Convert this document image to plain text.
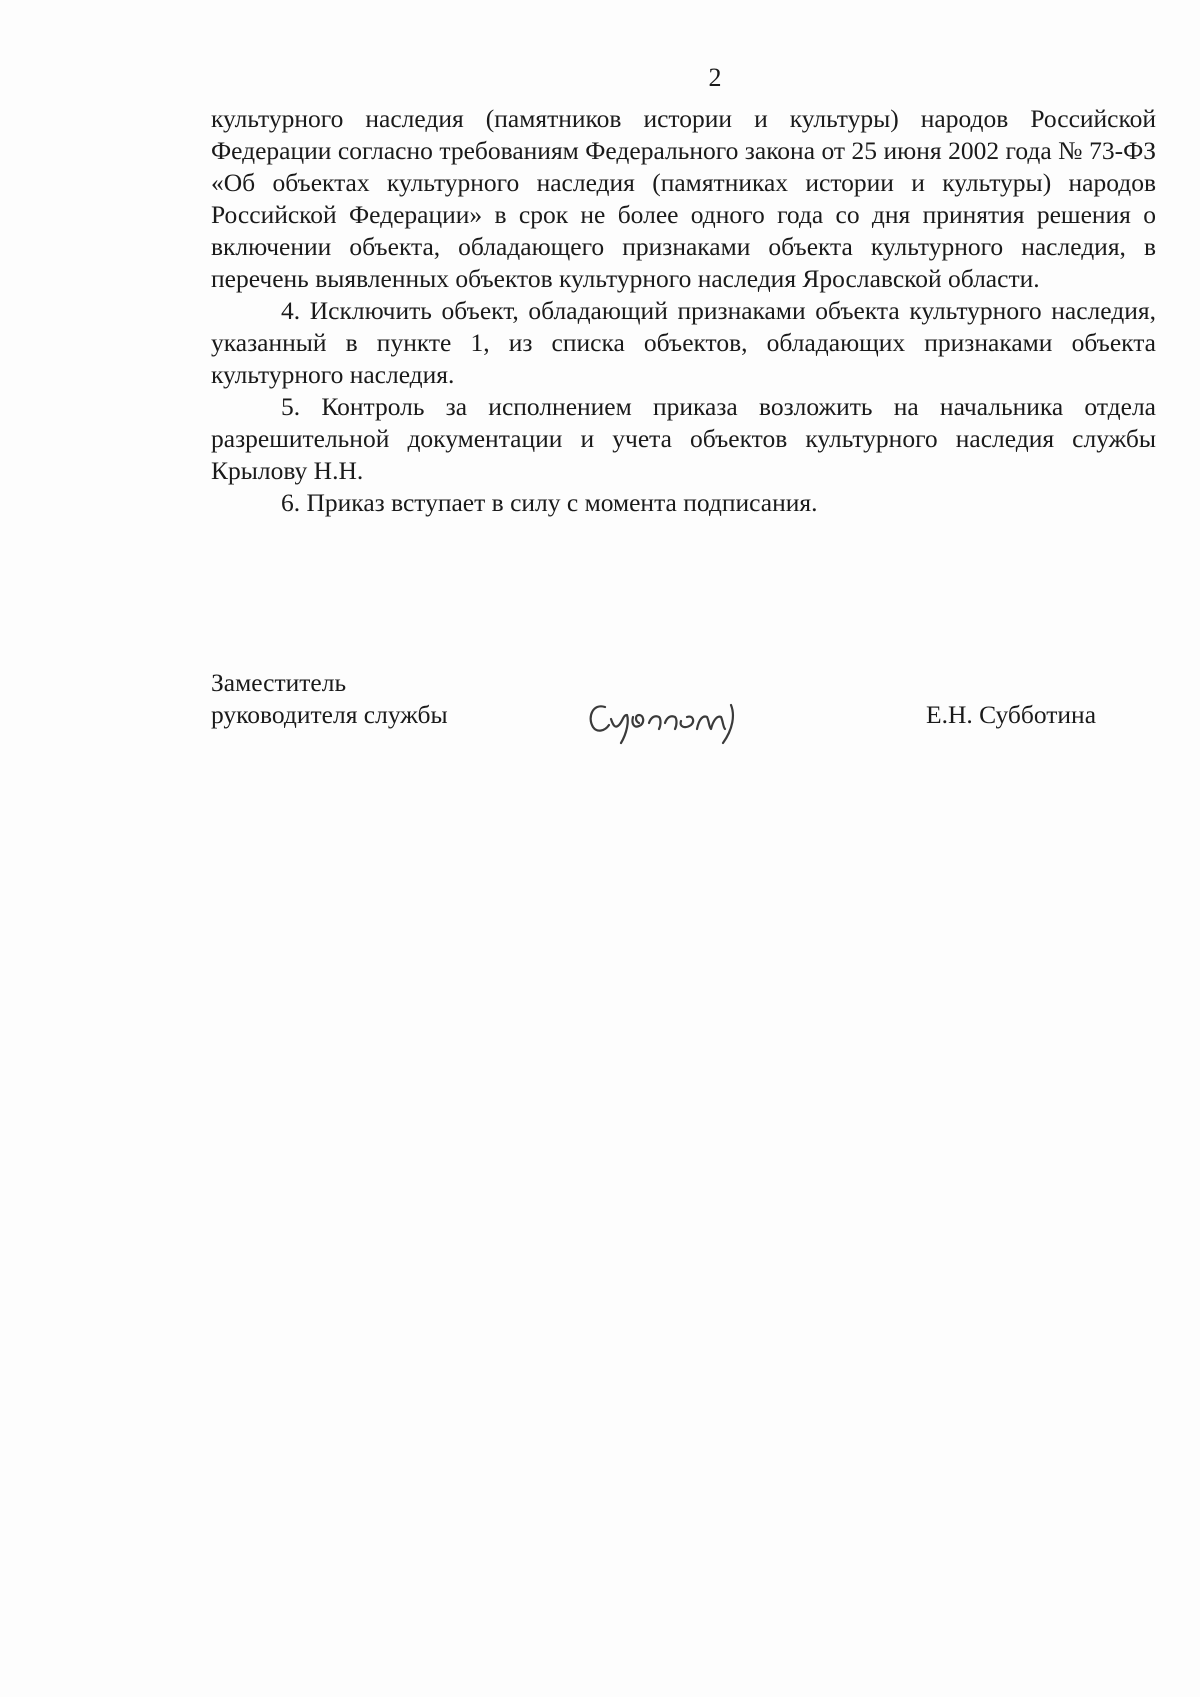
2

культурного наследия (памятников истории и культуры) народов Российской Федерации согласно требованиям Федерального закона от 25 июня 2002 года № 73-ФЗ «Об объектах культурного наследия (памятниках истории и культуры) народов Российской Федерации» в срок не более одного года со дня принятия решения о включении объекта, обладающего признаками объекта культурного наследия, в перечень выявленных объектов культурного наследия Ярославской области.

4. Исключить объект, обладающий признаками объекта культурного наследия, указанный в пункте 1, из списка объектов, обладающих признаками объекта культурного наследия.

5. Контроль за исполнением приказа возложить на начальника отдела разрешительной документации и учета объектов культурного наследия службы Крылову Н.Н.

6. Приказ вступает в силу с момента подписания.

Заместитель
руководителя службы	Е.Н. Субботина
